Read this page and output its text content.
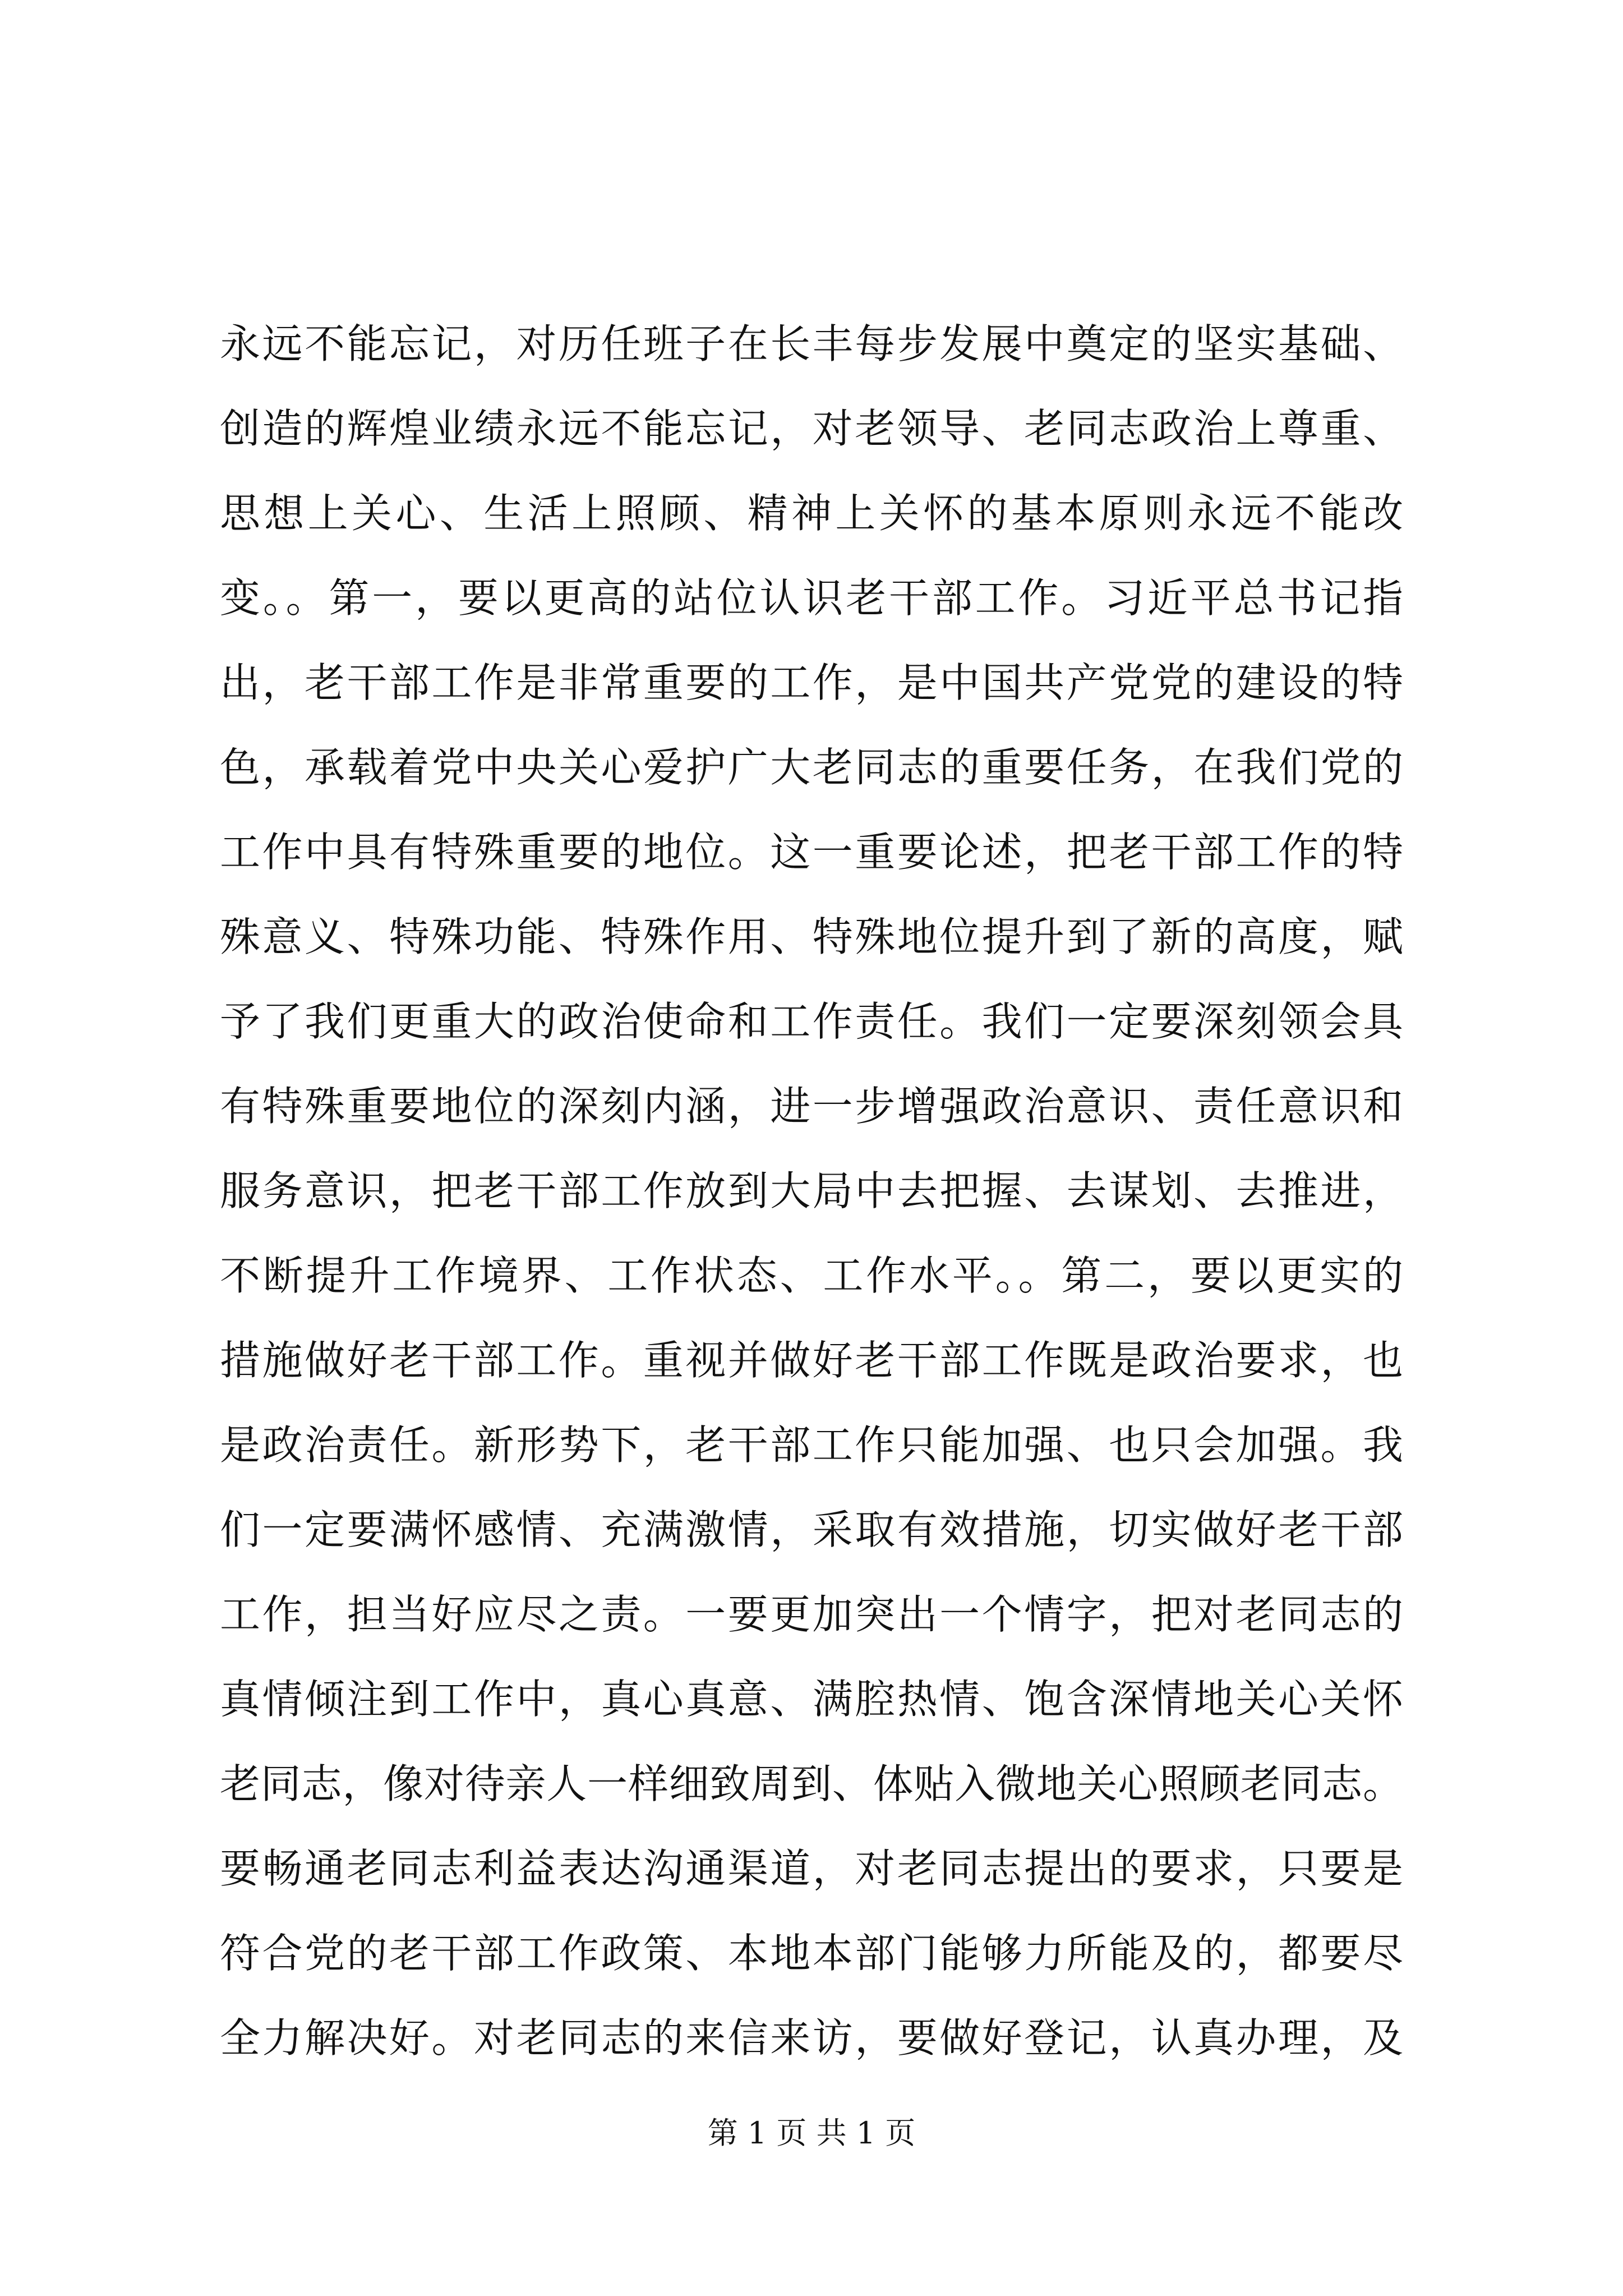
永远不能忘记，对历任班子在长丰每步发展中奠定的坚实基础、
创造的辉煌业绩永远不能忘记，对老领导、老同志政治上尊重、
思想上关心、生活上照顾、精神上关怀的基本原则永远不能改
变。。第一，要以更高的站位认识老干部工作。习近平总书记指
出，老干部工作是非常重要的工作，是中国共产党党的建设的特
色，承载着党中央关心爱护广大老同志的重要任务，在我们党的
工作中具有特殊重要的地位。这一重要论述，把老干部工作的特
殊意义、特殊功能、特殊作用、特殊地位提升到了新的高度，赋
予了我们更重大的政治使命和工作责任。我们一定要深刻领会具
有特殊重要地位的深刻内涵，进一步增强政治意识、责任意识和
服务意识，把老干部工作放到大局中去把握、去谋划、去推进，
不断提升工作境界、工作状态、工作水平。。第二，要以更实的
措施做好老干部工作。重视并做好老干部工作既是政治要求，也
是政治责任。新形势下，老干部工作只能加强、也只会加强。我
们一定要满怀感情、充满激情，采取有效措施，切实做好老干部
工作，担当好应尽之责。一要更加突出一个情字，把对老同志的
真情倾注到工作中，真心真意、满腔热情、饱含深情地关心关怀
老同志，像对待亲人一样细致周到、体贴入微地关心照顾老同志。
要畅通老同志利益表达沟通渠道，对老同志提出的要求，只要是
符合党的老干部工作政策、本地本部门能够力所能及的，都要尽
全力解决好。对老同志的来信来访，要做好登记，认真办理，及
第 1 页 共 1 页
